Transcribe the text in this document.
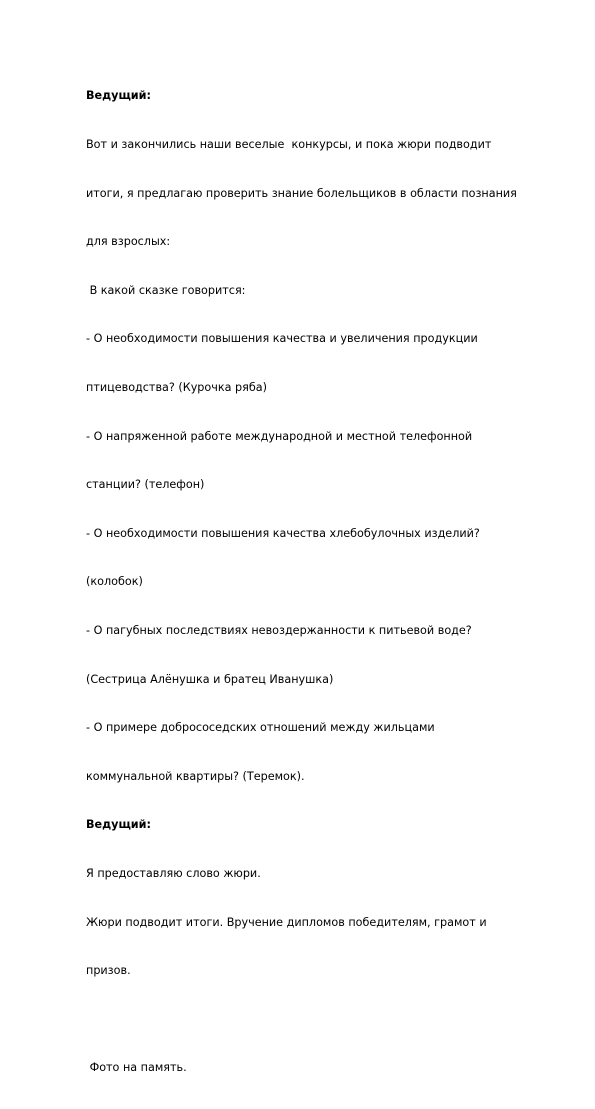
Ведущий:

Вот и закончились наши веселые  конкурсы, и пока жюри подводит

итоги, я предлагаю проверить знание болельщиков в области познания

для взрослых:

В какой сказке говорится:

- О необходимости повышения качества и увеличения продукции

птицеводства? (Курочка ряба)

- О напряженной работе международной и местной телефонной

станции? (телефон)

- О необходимости повышения качества хлебобулочных изделий?

(колобок)

- О пагубных последствиях невоздержанности к питьевой воде?

(Сестрица Алёнушка и братец Иванушка)

- О примере добрососедских отношений между жильцами

коммунальной квартиры? (Теремок).

Ведущий:

Я предоставляю слово жюри.

Жюри подводит итоги. Вручение дипломов победителям, грамот и

призов.

Фото на память.
